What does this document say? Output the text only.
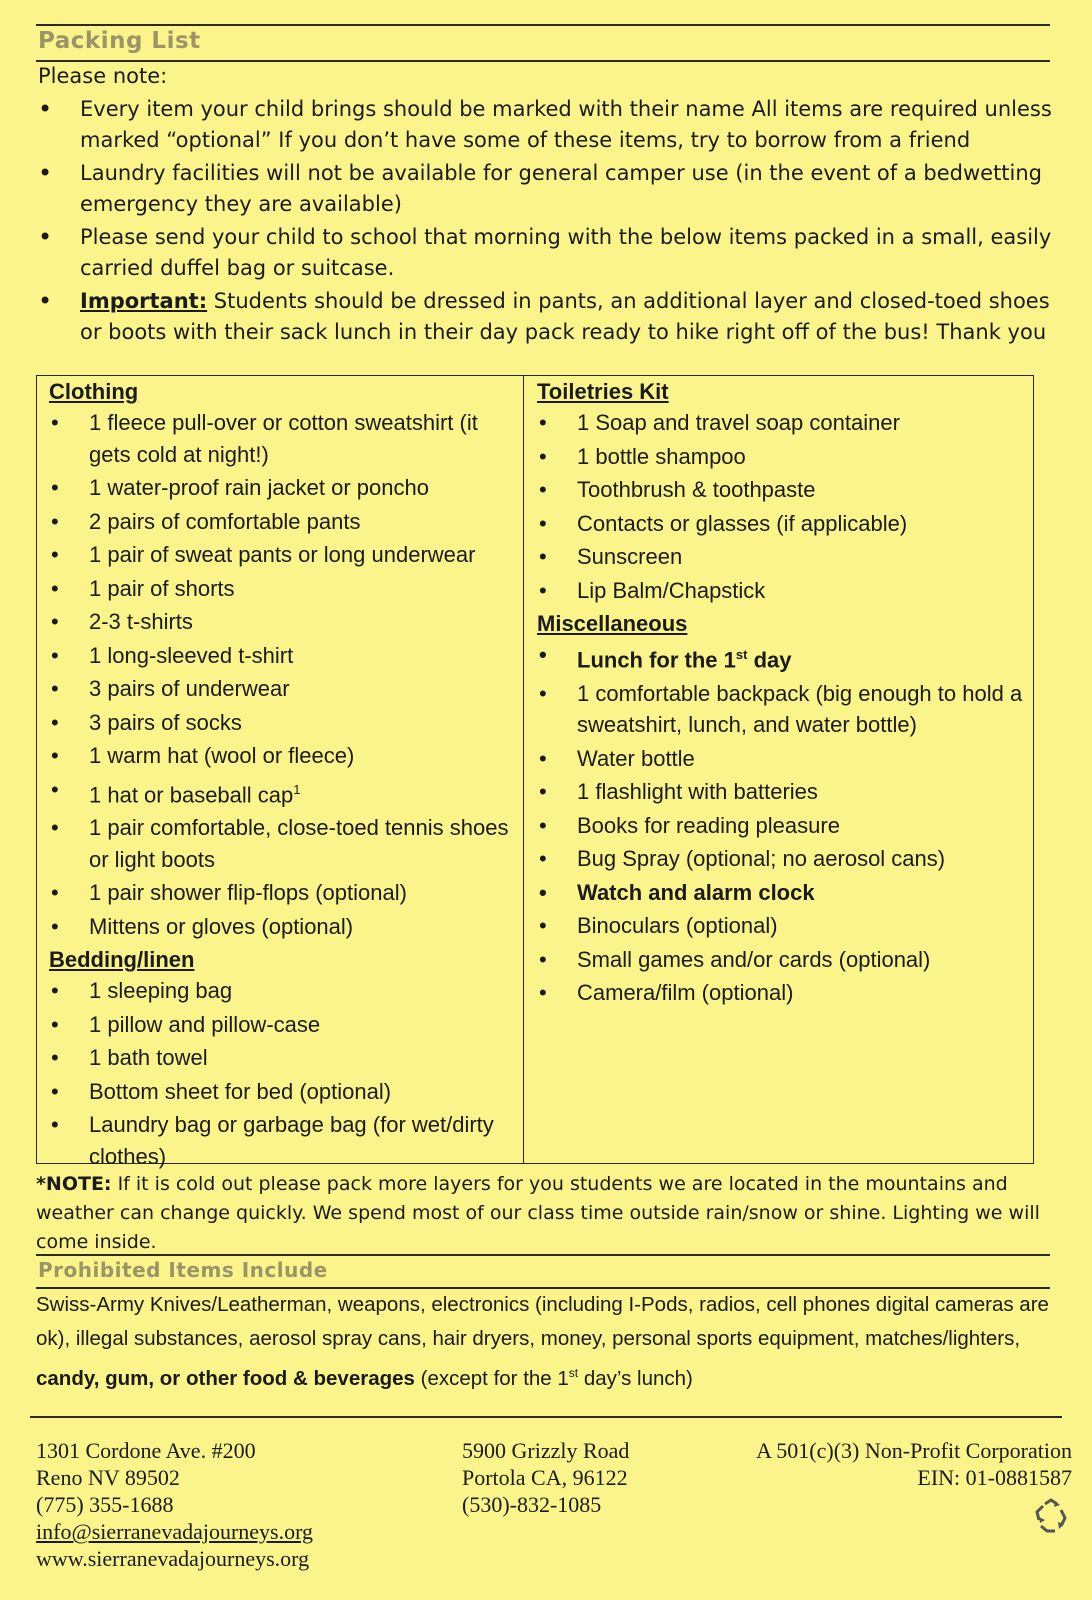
Packing List
Please note:
• Every item your child brings should be marked with their name All items are required unless marked “optional” If you don’t have some of these items, try to borrow from a friend
• Laundry facilities will not be available for general camper use (in the event of a bedwetting emergency they are available)
• Please send your child to school that morning with the below items packed in a small, easily carried duffel bag or suitcase.
• Important: Students should be dressed in pants, an additional layer and closed-toed shoes or boots with their sack lunch in their day pack ready to hike right off of the bus! Thank you
Clothing
• 1 fleece pull-over or cotton sweatshirt (it gets cold at night!)
• 1 water-proof rain jacket or poncho
• 2 pairs of comfortable pants
• 1 pair of sweat pants or long underwear
• 1 pair of shorts
• 2-3 t-shirts
• 1 long-sleeved t-shirt
• 3 pairs of underwear
• 3 pairs of socks
• 1 warm hat (wool or fleece)
• 1 hat or baseball cap$^1$
• 1 pair comfortable, close-toed tennis shoes or light boots
• 1 pair shower flip-flops (optional)
• Mittens or gloves (optional)
Bedding/linen
• 1 sleeping bag
• 1 pillow and pillow-case
• 1 bath towel
• Bottom sheet for bed (optional)
• Laundry bag or garbage bag (for wet/dirty clothes)
Toiletries Kit
• 1 Soap and travel soap container
• 1 bottle shampoo
• Toothbrush & toothpaste
• Contacts or glasses (if applicable)
• Sunscreen
• Lip Balm/Chapstick
Miscellaneous
• Lunch for the 1st day
• 1 comfortable backpack (big enough to hold a sweatshirt, lunch, and water bottle)
• Water bottle
• 1 flashlight with batteries
• Books for reading pleasure
• Bug Spray (optional; no aerosol cans)
• Watch and alarm clock
• Binoculars (optional)
• Small games and/or cards (optional)
• Camera/film (optional)

*NOTE: If it is cold out please pack more layers for you students we are located in the mountains and weather can change quickly. We spend most of our class time outside rain/snow or shine. Lighting we will come inside.

Prohibited Items Include

Swiss-Army Knives/Leatherman, weapons, electronics (including I-Pods, radios, cell phones digital cameras are ok), illegal substances, aerosol spray cans, hair dryers, money, personal sports equipment, matches/lighters, candy, gum, or other food & beverages (except for the 1st day’s lunch)

1301 Cordone Ave. #200
Reno NV 89502
(775) 355-1688
info@sierranevadajourneys.org
www.sierranevadajourneys.org
5900 Grizzly Road
Portola CA, 96122
(530)-832-1085
A 501(c)(3) Non-Profit Corporation
EIN: 01-0881587
